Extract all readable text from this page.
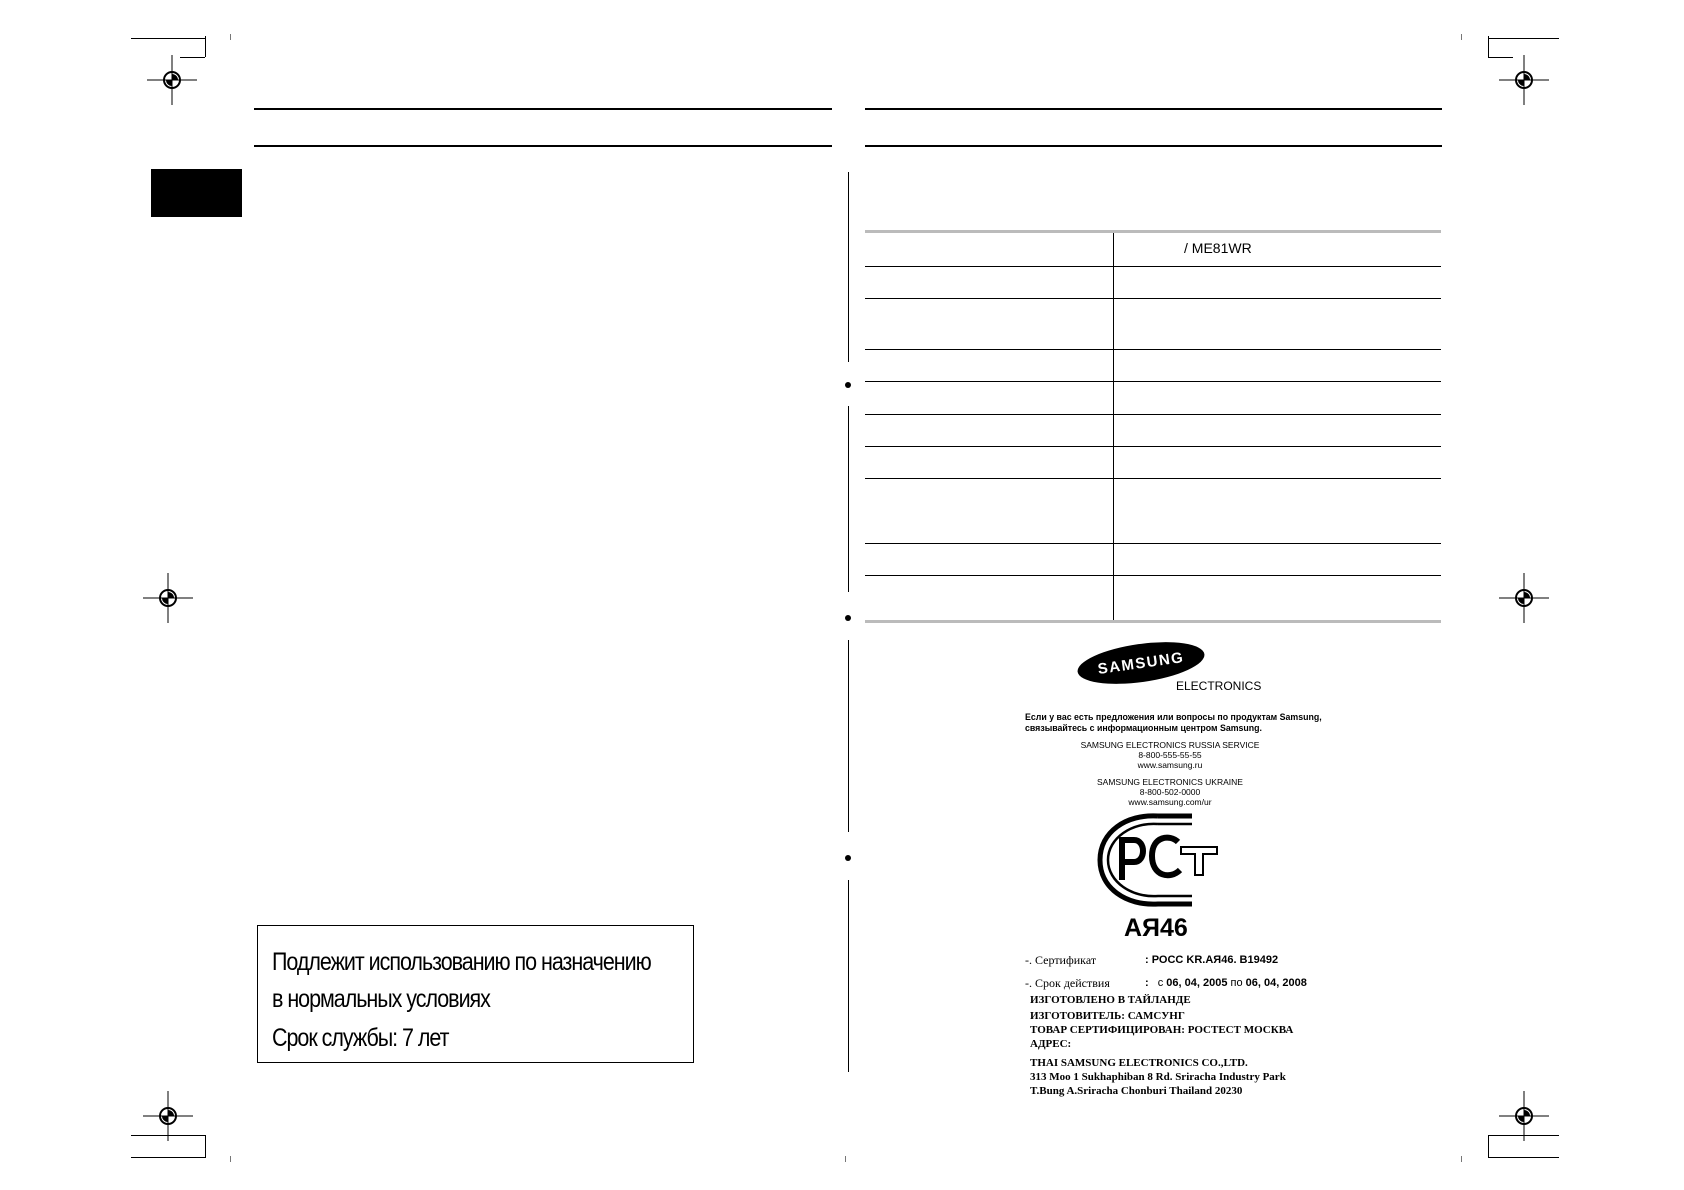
/ ME81WR
Подлежит использованию по назначению
в нормальных условиях
Срок службы: 7 лет
SAMSUNG
ELECTRONICS
Если у вас есть предложения или вопросы по продуктам Samsung,
связывайтесь с информационным центром Samsung.
SAMSUNG ELECTRONICS RUSSIA SERVICE
8-800-555-55-55
www.samsung.ru
SAMSUNG ELECTRONICS UKRAINE
8-800-502-0000
www.samsung.com/ur
АЯ46
-. Сертификат	: РОСС KR.АЯ46. B19492
-. Срок действия	: с 06, 04, 2005 по 06, 04, 2008
ИЗГОТОВЛЕНО В ТАЙЛАНДЕ
ИЗГОТОВИТЕЛЬ: САМСУНГ
ТОВАР СЕРТИФИЦИРОВАН: РОСТЕСТ МОСКВА
АДРЕС:
THAI SAMSUNG ELECTRONICS CO.,LTD.
313 Moo 1 Sukhaphiban 8 Rd. Sriracha Industry Park
T.Bung A.Sriracha Chonburi Thailand 20230
